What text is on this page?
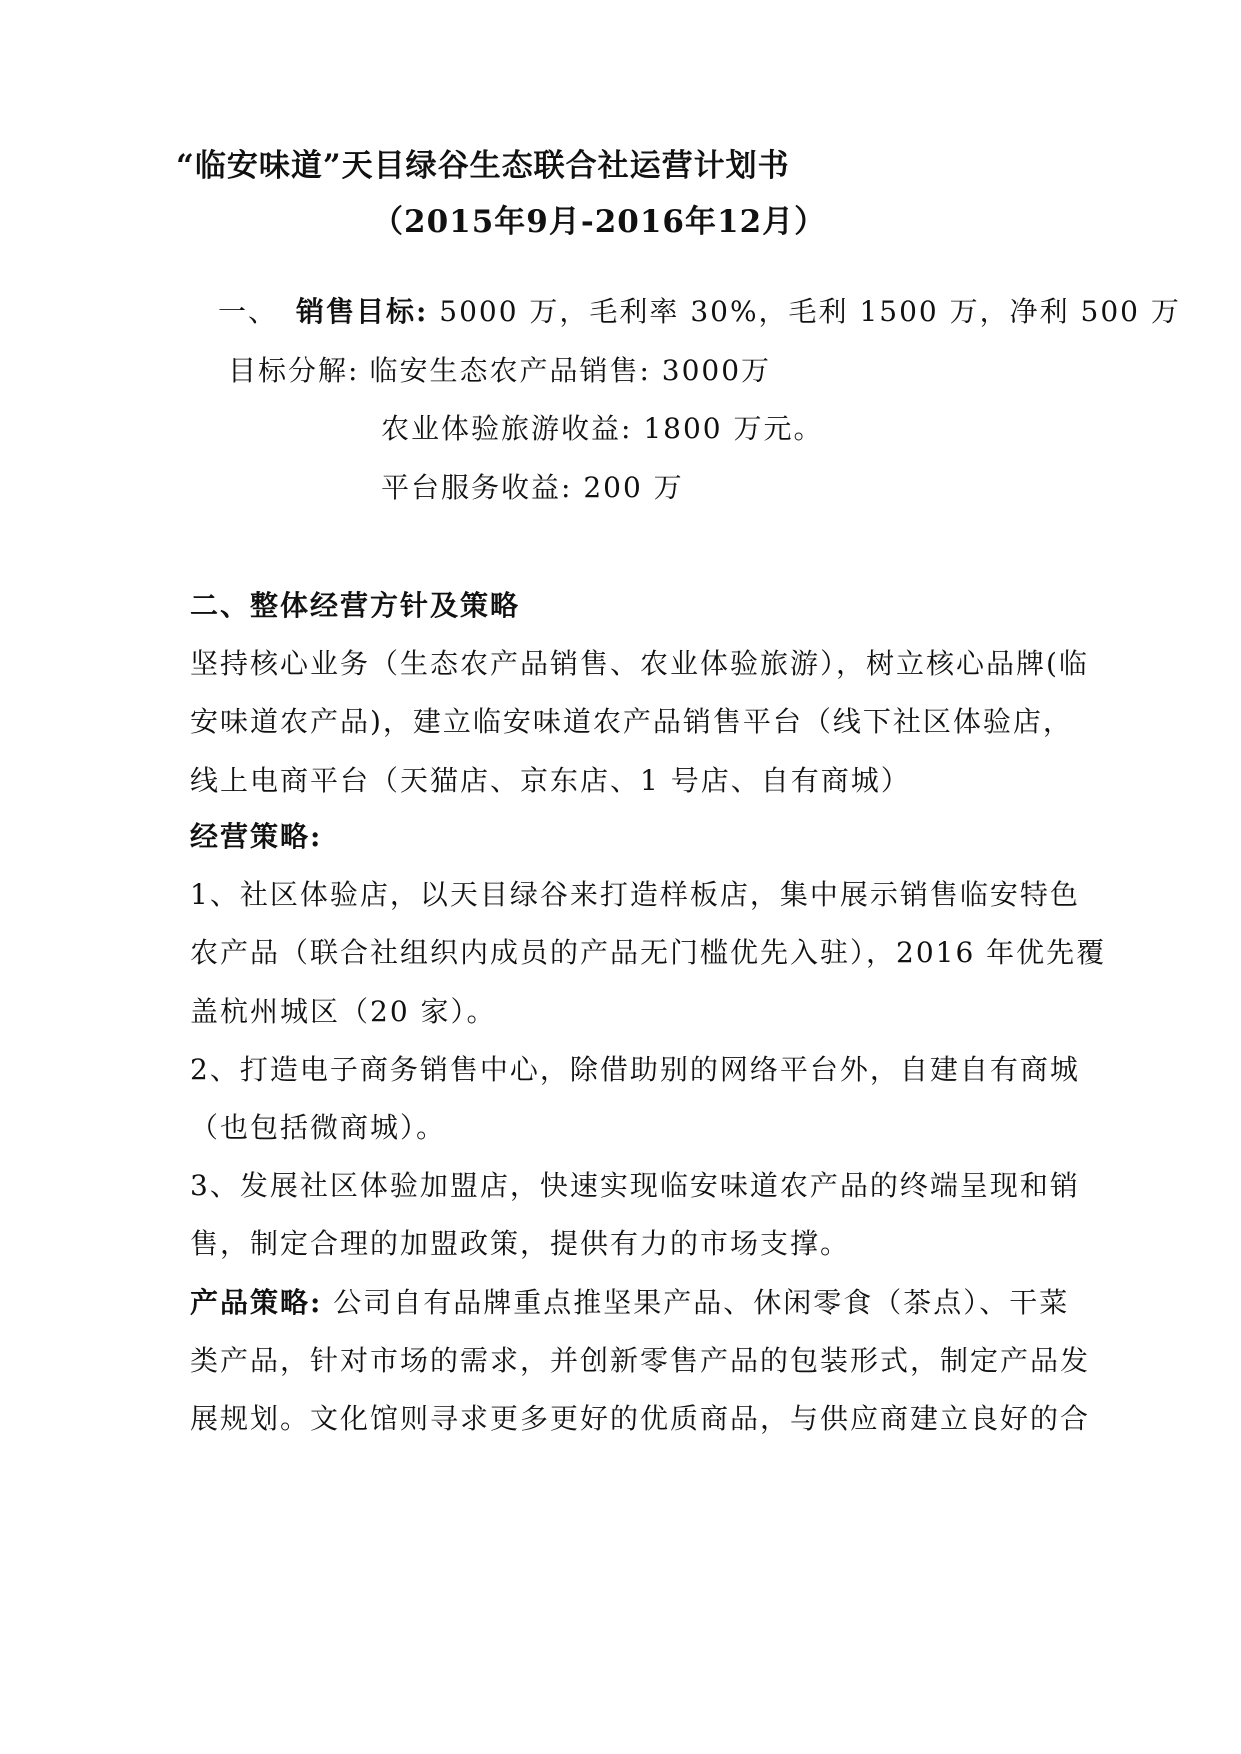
“临安味道”天目绿谷生态联合社运营计划书
（2015年9月-2016年12月）
一、 销售目标: 5000 万，毛利率 30%，毛利 1500 万，净利 500 万
目标分解: 临安生态农产品销售: 3000万
农业体验旅游收益: 1800 万元。
平台服务收益: 200 万
二、整体经营方针及策略
坚持核心业务（生态农产品销售、农业体验旅游），树立核心品牌(临
安味道农产品)，建立临安味道农产品销售平台（线下社区体验店，
线上电商平台（天猫店、京东店、1 号店、自有商城）
经营策略:
1、社区体验店，以天目绿谷来打造样板店，集中展示销售临安特色
农产品（联合社组织内成员的产品无门槛优先入驻），2016 年优先覆
盖杭州城区（20 家）。
2、打造电子商务销售中心，除借助别的网络平台外，自建自有商城
（也包括微商城）。
3、发展社区体验加盟店，快速实现临安味道农产品的终端呈现和销
售，制定合理的加盟政策，提供有力的市场支撑。
产品策略: 公司自有品牌重点推坚果产品、休闲零食（茶点）、干菜
类产品，针对市场的需求，并创新零售产品的包装形式，制定产品发
展规划。文化馆则寻求更多更好的优质商品，与供应商建立良好的合
